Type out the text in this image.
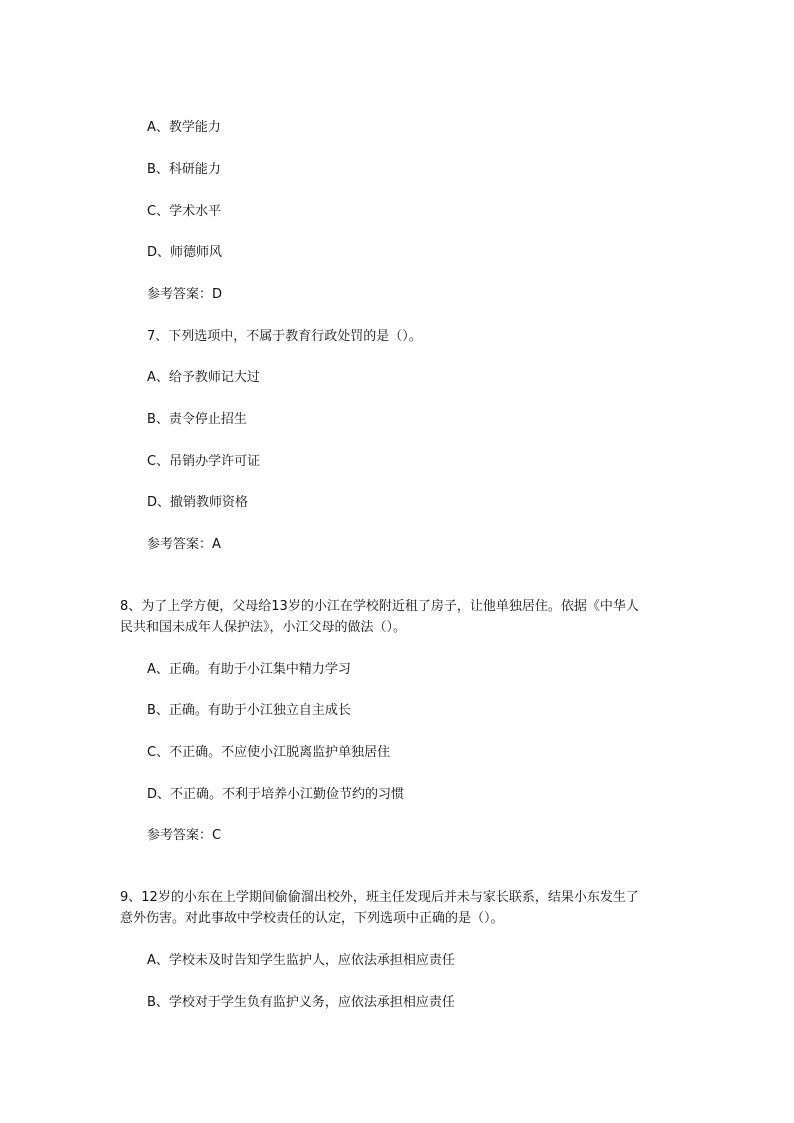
A、教学能力
B、科研能力
C、学术水平
D、师德师风
参考答案：D
7、下列选项中，不属于教育行政处罚的是（）。
A、给予教师记大过
B、责令停止招生
C、吊销办学许可证
D、撤销教师资格
参考答案：A
8、为了上学方便，父母给13岁的小江在学校附近租了房子，让他单独居住。依据《中华人
民共和国未成年人保护法》，小江父母的做法（）。
A、正确。有助于小江集中精力学习
B、正确。有助于小江独立自主成长
C、不正确。不应使小江脱离监护单独居住
D、不正确。不利于培养小江勤俭节约的习惯
参考答案：C
9、12岁的小东在上学期间偷偷溜出校外，班主任发现后并未与家长联系，结果小东发生了
意外伤害。对此事故中学校责任的认定，下列选项中正确的是（）。
A、学校未及时告知学生监护人，应依法承担相应责任
B、学校对于学生负有监护义务，应依法承担相应责任
